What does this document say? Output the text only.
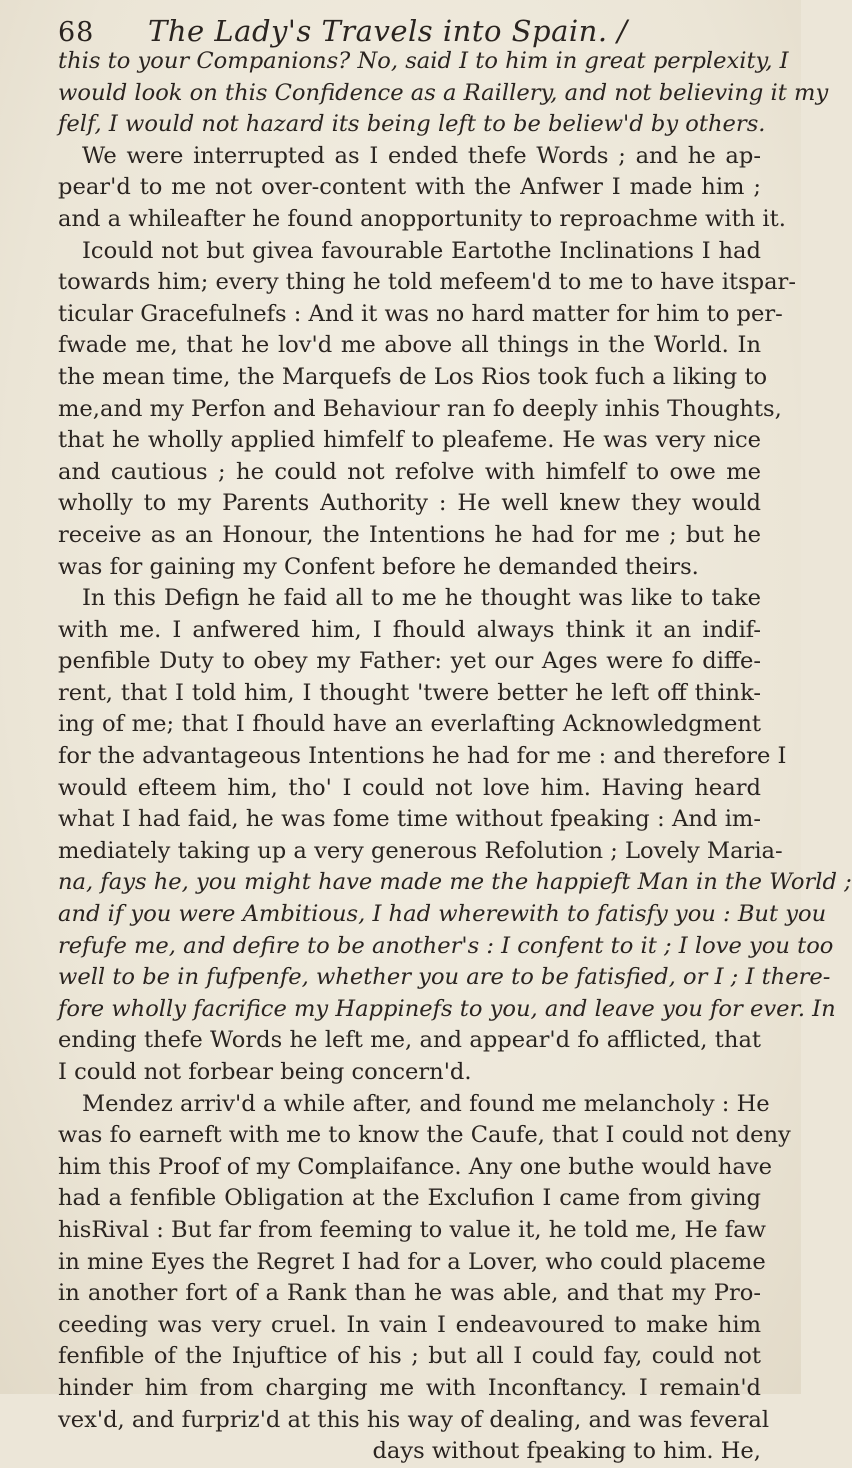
68	The Lady's Travels into Spain. /
this to your Companions? No, said I to him in great perplexity, I
would look on this Confidence as a Raillery, and not believing it my
felf, I would not hazard its being left to be beliew'd by others.
We were interrupted as I ended thefe Words ; and he ap-
pear'd to me not over-content with the Anfwer I made him ;
and a whileafter he found anopportunity to reproachme with it.
Icould not but givea favourable Eartothe Inclinations I had
towards him; every thing he told mefeem'd to me to have itspar-
ticular Gracefulnefs : And it was no hard matter for him to per-
fwade me, that he lov'd me above all things in the World. In
the mean time, the Marquefs de Los Rios took fuch a liking to
me,and my Perfon and Behaviour ran fo deeply inhis Thoughts,
that he wholly applied himfelf to pleafeme. He was very nice
and cautious ; he could not refolve with himfelf to owe me
wholly to my Parents Authority : He well knew they would
receive as an Honour, the Intentions he had for me ; but he
was for gaining my Confent before he demanded theirs.
In this Defign he faid all to me he thought was like to take
with me. I anfwered him, I fhould always think it an indif-
penfible Duty to obey my Father: yet our Ages were fo diffe-
rent, that I told him, I thought 'twere better he left off think-
ing of me; that I fhould have an everlafting Acknowledgment
for the advantageous Intentions he had for me : and therefore I
would efteem him, tho' I could not love him. Having heard
what I had faid, he was fome time without fpeaking : And im-
mediately taking up a very generous Refolution ; Lovely Maria-
na, fays he, you might have made me the happieft Man in the World ;
and if you were Ambitious, I had wherewith to fatisfy you : But you
refufe me, and defire to be another's : I confent to it ; I love you too
well to be in fufpenfe, whether you are to be fatisfied, or I ; I there-
fore wholly facrifice my Happinefs to you, and leave you for ever. In
ending thefe Words he left me, and appear'd fo afflicted, that
I could not forbear being concern'd.
Mendez arriv'd a while after, and found me melancholy : He
was fo earneft with me to know the Caufe, that I could not deny
him this Proof of my Complaifance. Any one buthe would have
had a fenfible Obligation at the Exclufion I came from giving
hisRival : But far from feeming to value it, he told me, He faw
in mine Eyes the Regret I had for a Lover, who could placeme
in another fort of a Rank than he was able, and that my Pro-
ceeding was very cruel. In vain I endeavoured to make him
fenfible of the Injuftice of his ; but all I could fay, could not
hinder him from charging me with Inconftancy. I remain'd
vex'd, and furpriz'd at this his way of dealing, and was feveral
days without fpeaking to him. He,
